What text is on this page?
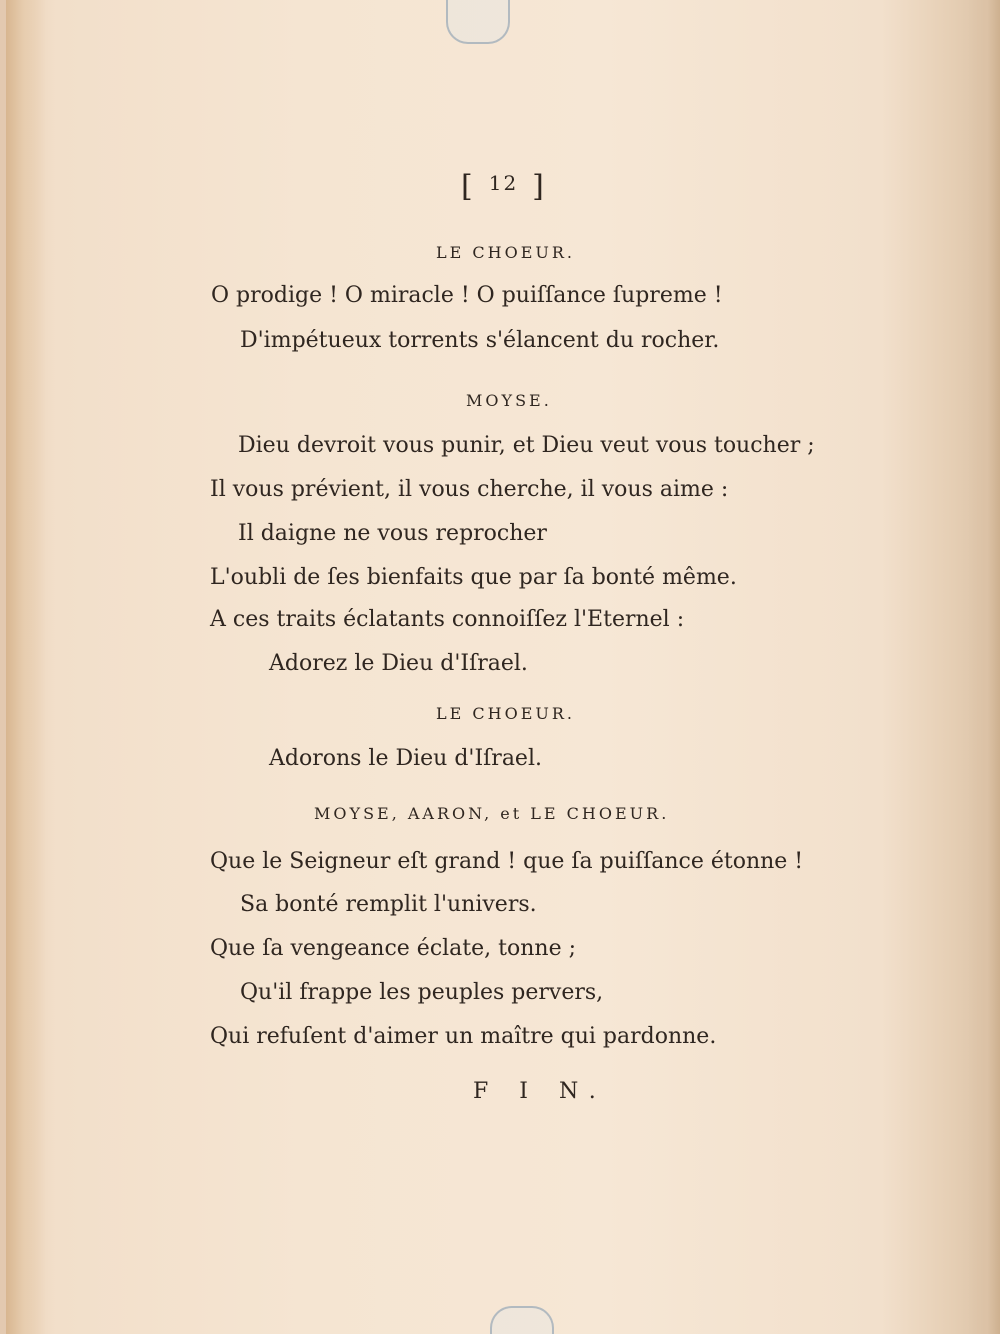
[ $^{12}$ ]
LE CHOEUR.
O prodige ! O miracle ! O puiſſance ſupreme !
D'impétueux torrents s'élancent du rocher.
MOYSE.
Dieu devroit vous punir, et Dieu veut vous toucher ;
Il vous prévient, il vous cherche, il vous aime :
Il daigne ne vous reprocher
L'oubli de ſes bienfaits que par ſa bonté même.
A ces traits éclatants connoiſſez l'Eternel :
Adorez le Dieu d'Iſrael.
LE CHOEUR.
Adorons le Dieu d'Iſrael.
MOYSE, AARON, et LE CHOEUR.
Que le Seigneur eſt grand ! que ſa puiſſance étonne !
Sa bonté remplit l'univers.
Que ſa vengeance éclate, tonne ;
Qu'il frappe les peuples pervers,
Qui refuſent d'aimer un maître qui pardonne.
F I N.
